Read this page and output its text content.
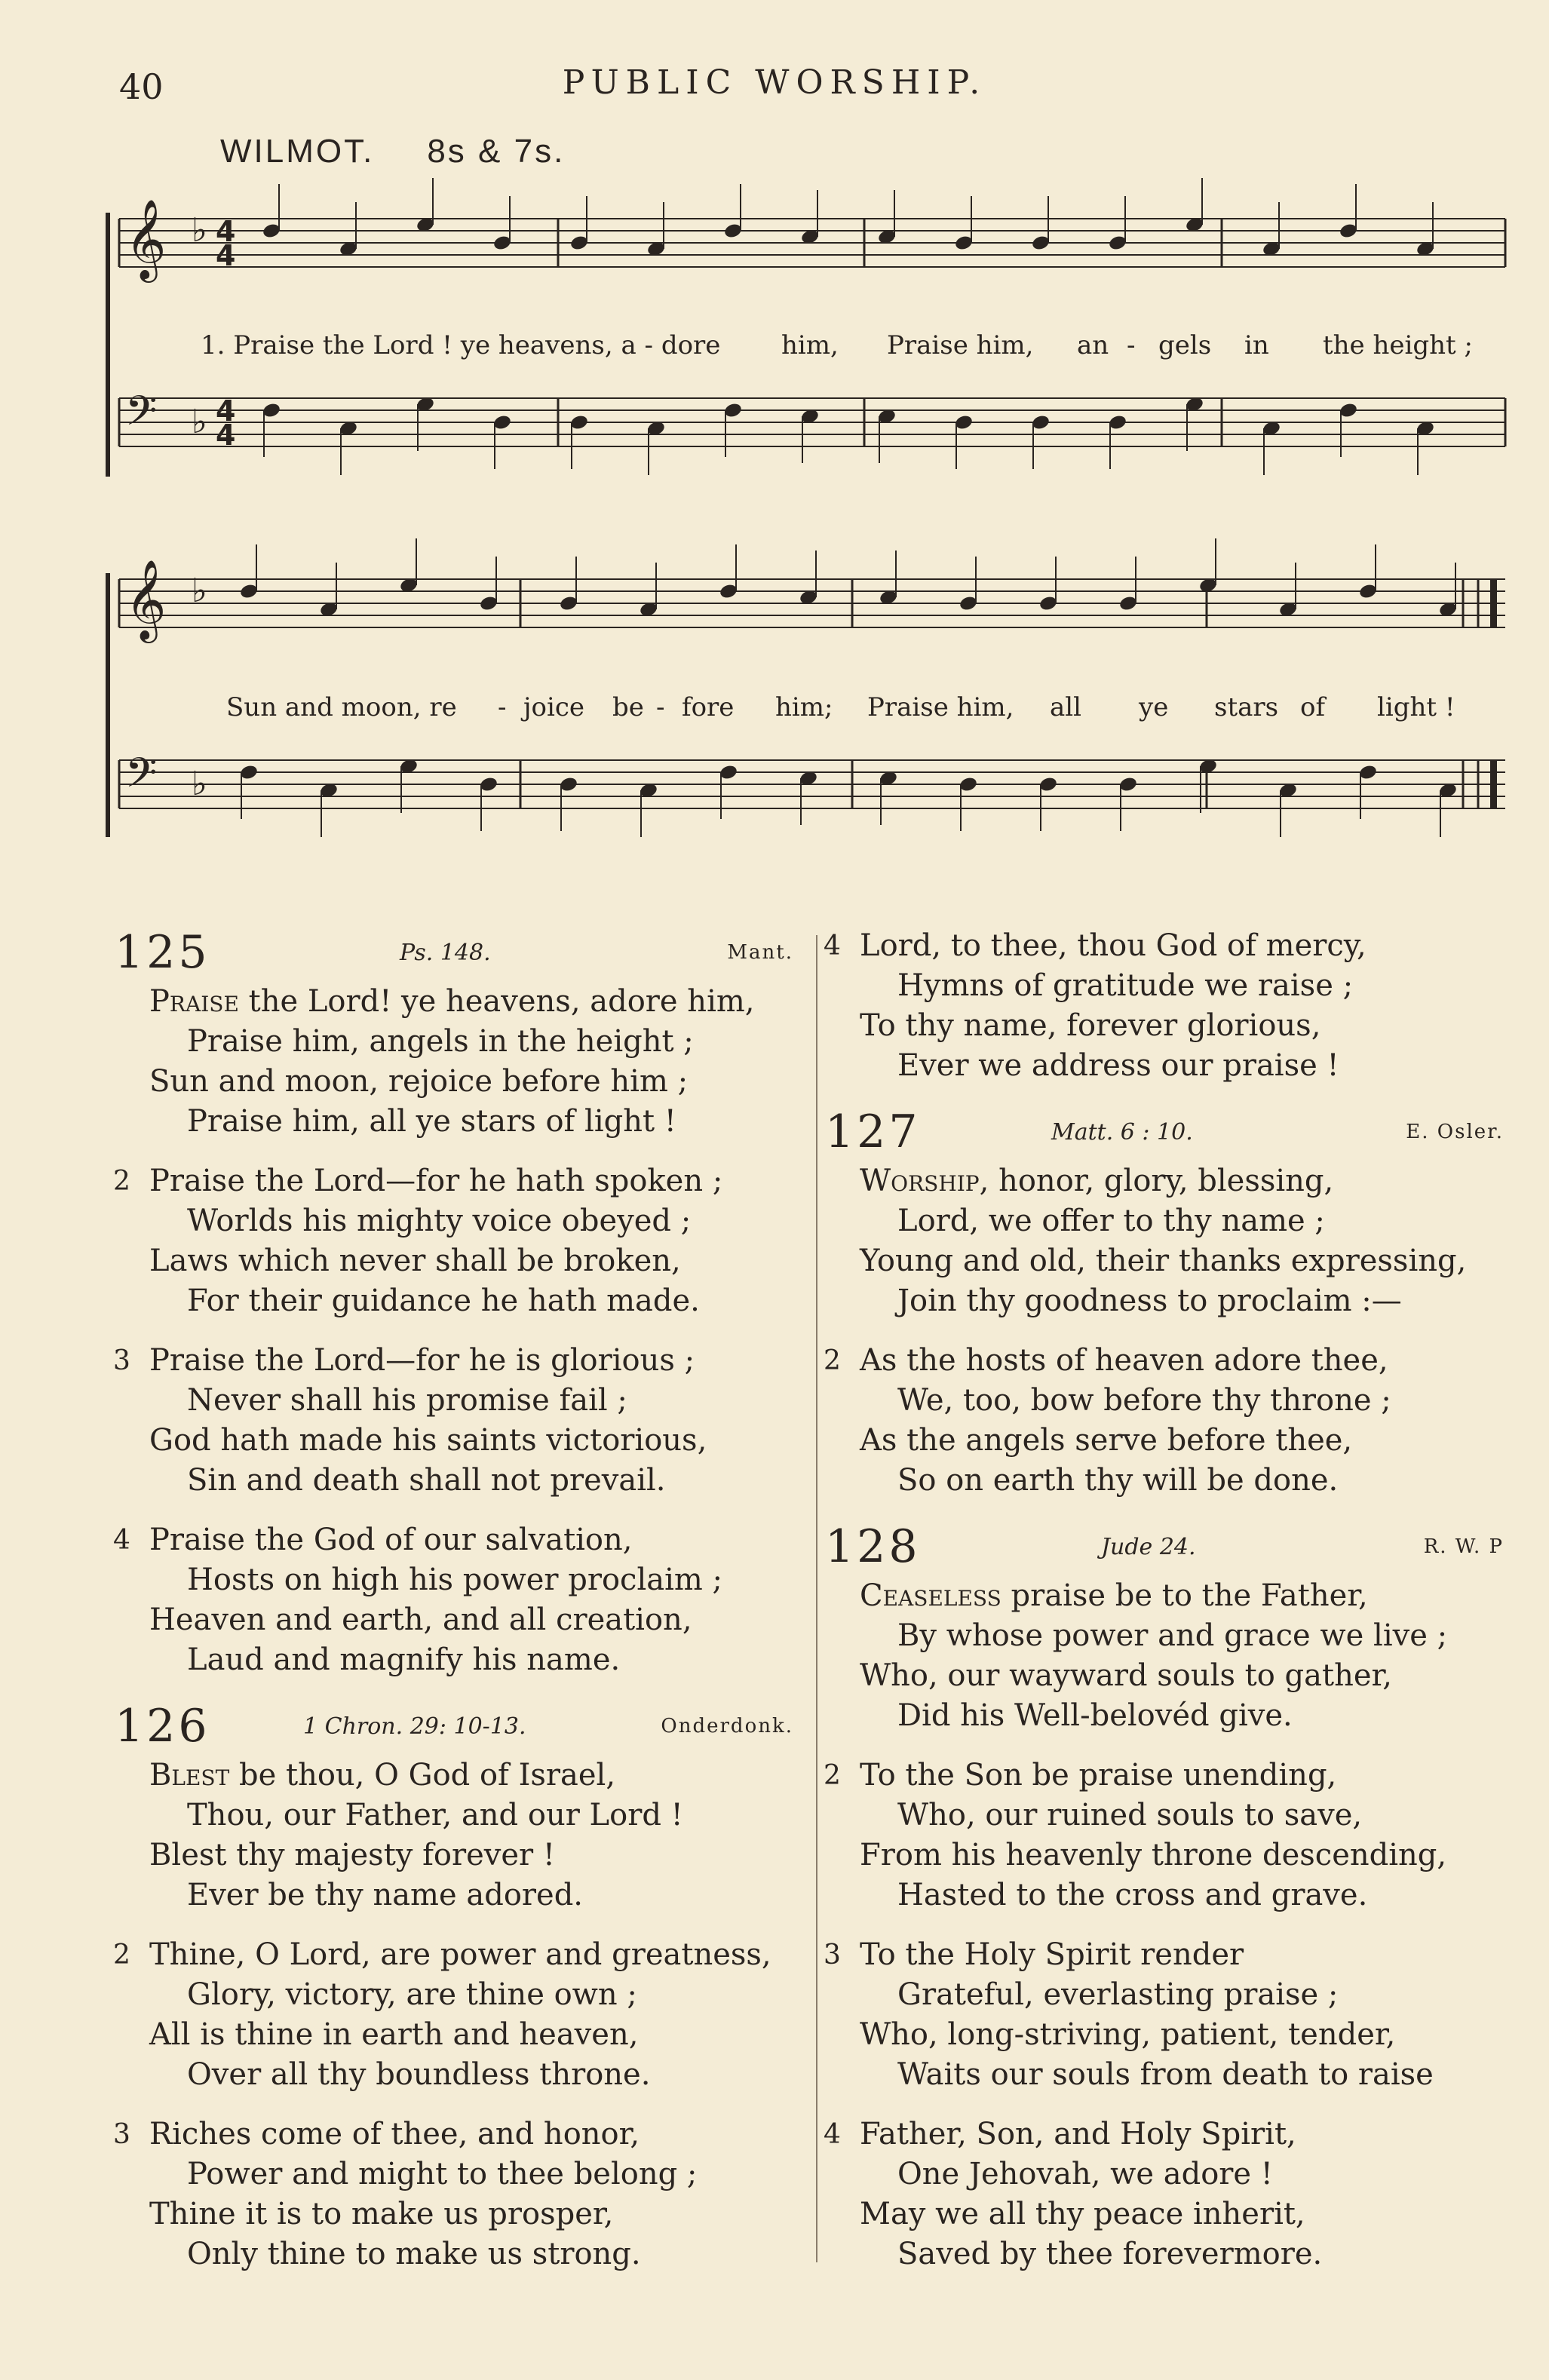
40	PUBLIC WORSHIP.
WILMOT. 8s & 7s.
𝄞 ♭ 4
4
𝄢 ♭ 4
4
𝄞 ♭
𝄢 ♭
1. Praise the Lord ! ye heavens, a - dore him, Praise him, an - gels in the height ;
Sun and moon, re - joice be - fore him; Praise him, all ye stars of light !
125	Ps. 148.	Mant.
Praise the Lord! ye heavens, adore him,
Praise him, angels in the height ;
Sun and moon, rejoice before him ;
Praise him, all ye stars of light !
2 Praise the Lord—for he hath spoken ;
Worlds his mighty voice obeyed ;
Laws which never shall be broken,
For their guidance he hath made.
3 Praise the Lord—for he is glorious ;
Never shall his promise fail ;
God hath made his saints victorious,
Sin and death shall not prevail.
4 Praise the God of our salvation,
Hosts on high his power proclaim ;
Heaven and earth, and all creation,
Laud and magnify his name.
126	1 Chron. 29: 10-13.	Onderdonk.
Blest be thou, O God of Israel,
Thou, our Father, and our Lord !
Blest thy majesty forever !
Ever be thy name adored.
2 Thine, O Lord, are power and greatness,
Glory, victory, are thine own ;
All is thine in earth and heaven,
Over all thy boundless throne.
3 Riches come of thee, and honor,
Power and might to thee belong ;
Thine it is to make us prosper,
Only thine to make us strong.
4 Lord, to thee, thou God of mercy,
Hymns of gratitude we raise ;
To thy name, forever glorious,
Ever we address our praise !
127	Matt. 6 : 10.	E. Osler.
Worship, honor, glory, blessing,
Lord, we offer to thy name ;
Young and old, their thanks expressing,
Join thy goodness to proclaim :—
2 As the hosts of heaven adore thee,
We, too, bow before thy throne ;
As the angels serve before thee,
So on earth thy will be done.
128	Jude 24.	R. W. P
Ceaseless praise be to the Father,
By whose power and grace we live ;
Who, our wayward souls to gather,
Did his Well-belovéd give.
2 To the Son be praise unending,
Who, our ruined souls to save,
From his heavenly throne descending,
Hasted to the cross and grave.
3 To the Holy Spirit render
Grateful, everlasting praise ;
Who, long-striving, patient, tender,
Waits our souls from death to raise
4 Father, Son, and Holy Spirit,
One Jehovah, we adore !
May we all thy peace inherit,
Saved by thee forevermore.
